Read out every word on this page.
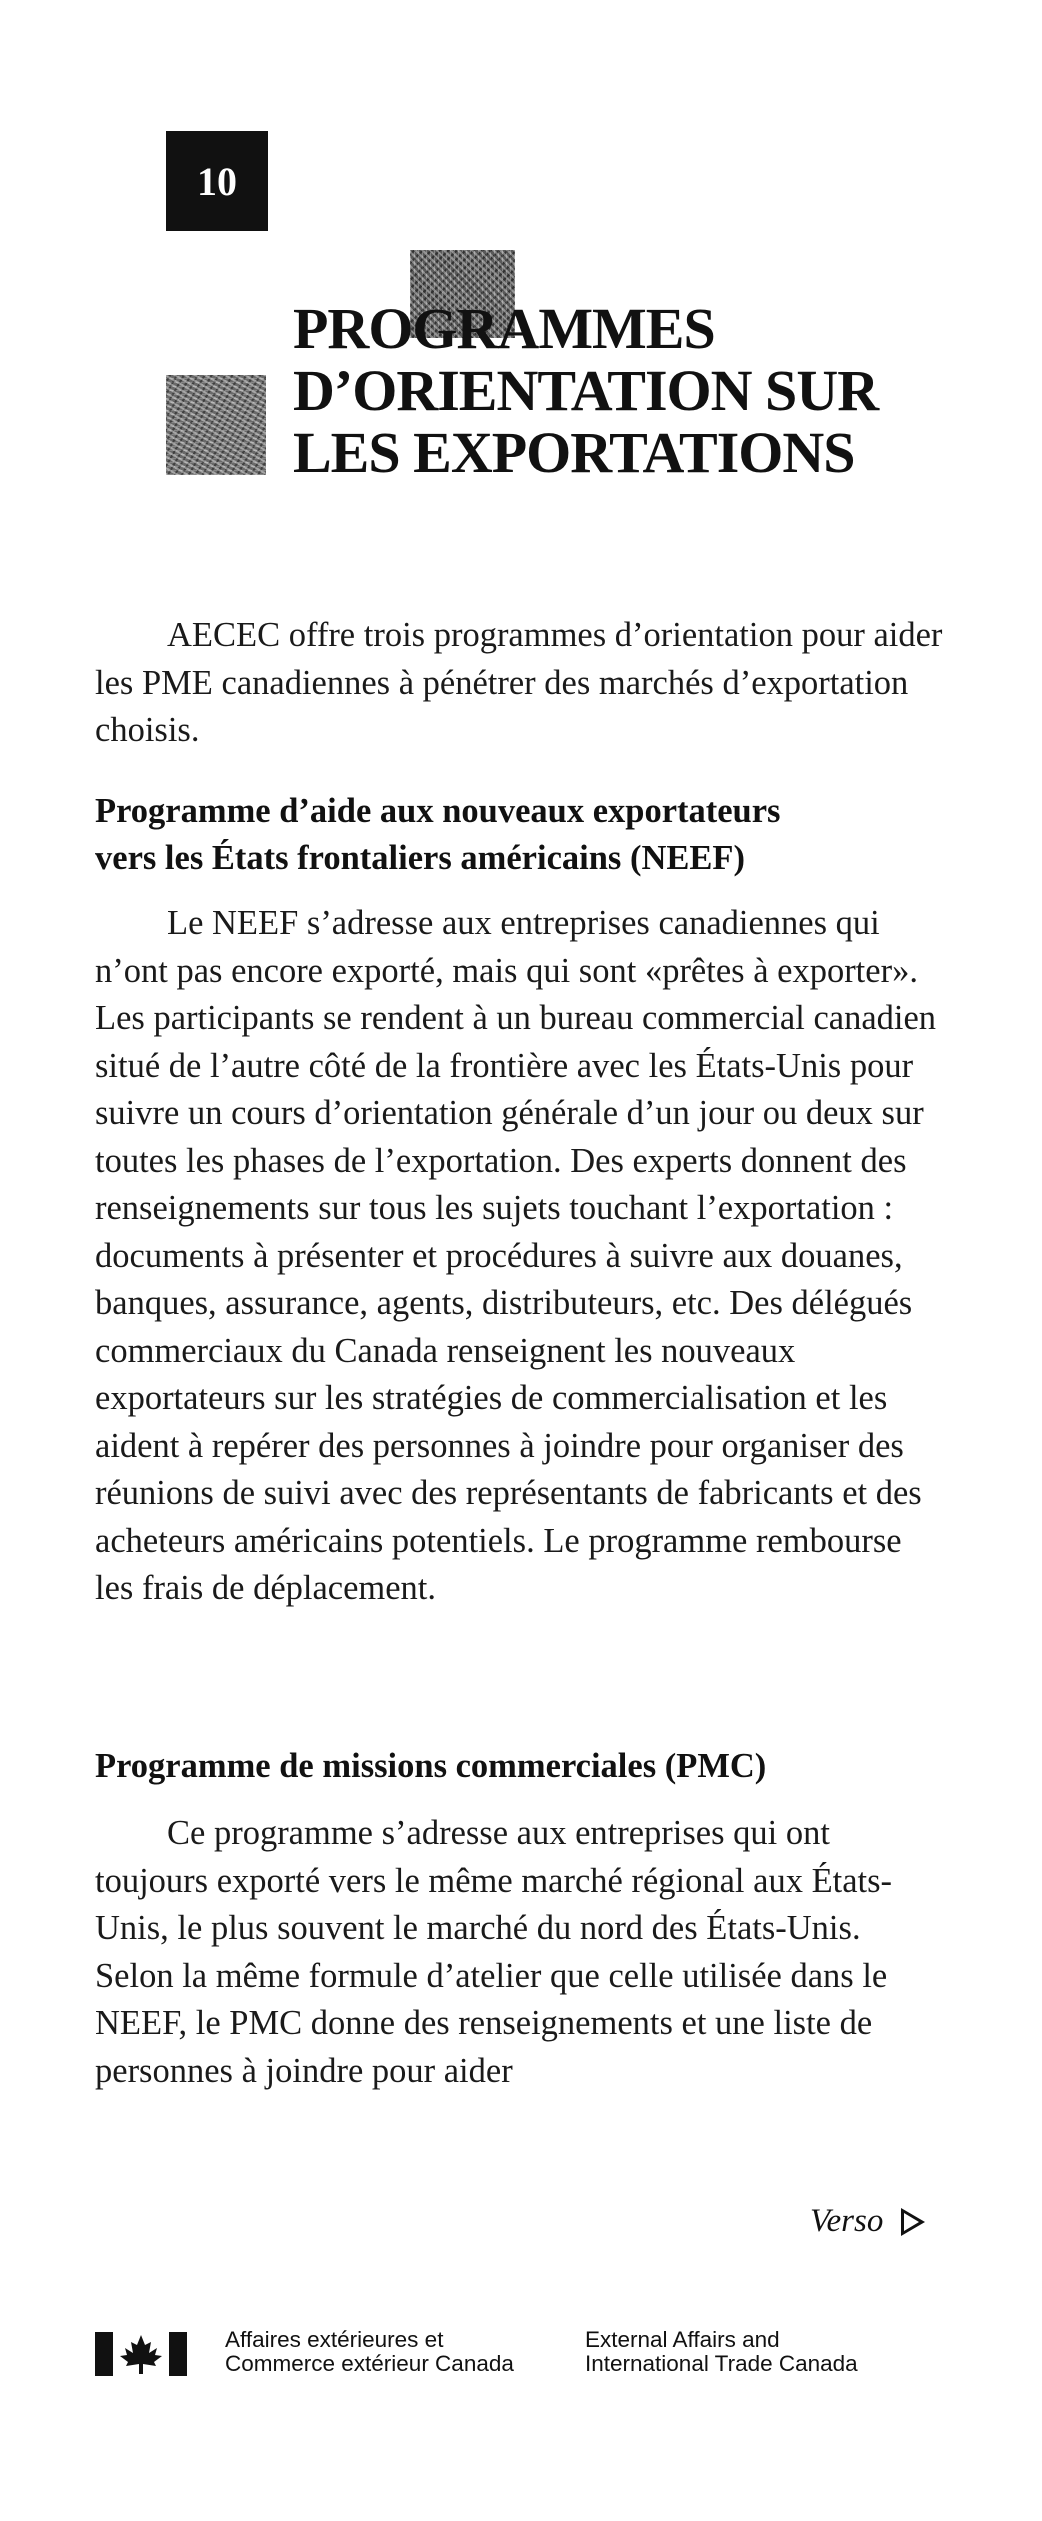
10
PROGRAMMES
D’ORIENTATION SUR
LES EXPORTATIONS

AECEC offre trois programmes d’orientation pour aider les PME canadiennes à pénétrer des marchés d’exportation choisis.

Programme d’aide aux nouveaux exportateurs
vers les États frontaliers américains (NEEF)

Le NEEF s’adresse aux entreprises canadiennes qui n’ont pas encore exporté, mais qui sont «prêtes à exporter». Les participants se rendent à un bureau commercial canadien situé de l’autre côté de la frontière avec les États-Unis pour suivre un cours d’orientation générale d’un jour ou deux sur toutes les phases de l’exportation. Des experts donnent des renseignements sur tous les sujets touchant l’exportation : documents à présenter et procédures à suivre aux douanes, banques, assurance, agents, distributeurs, etc. Des délégués commerciaux du Canada renseignent les nouveaux exportateurs sur les stratégies de commercialisation et les aident à repérer des personnes à joindre pour organiser des réunions de suivi avec des représentants de fabricants et des acheteurs américains potentiels. Le programme rembourse les frais de déplacement.

Programme de missions commerciales (PMC)

Ce programme s’adresse aux entreprises qui ont toujours exporté vers le même marché régional aux États-Unis, le plus souvent le marché du nord des États-Unis. Selon la même formule d’atelier que celle utilisée dans le NEEF, le PMC donne des renseignements et une liste de personnes à joindre pour aider

Verso
Affaires extérieures et
Commerce extérieur Canada
External Affairs and
International Trade Canada
